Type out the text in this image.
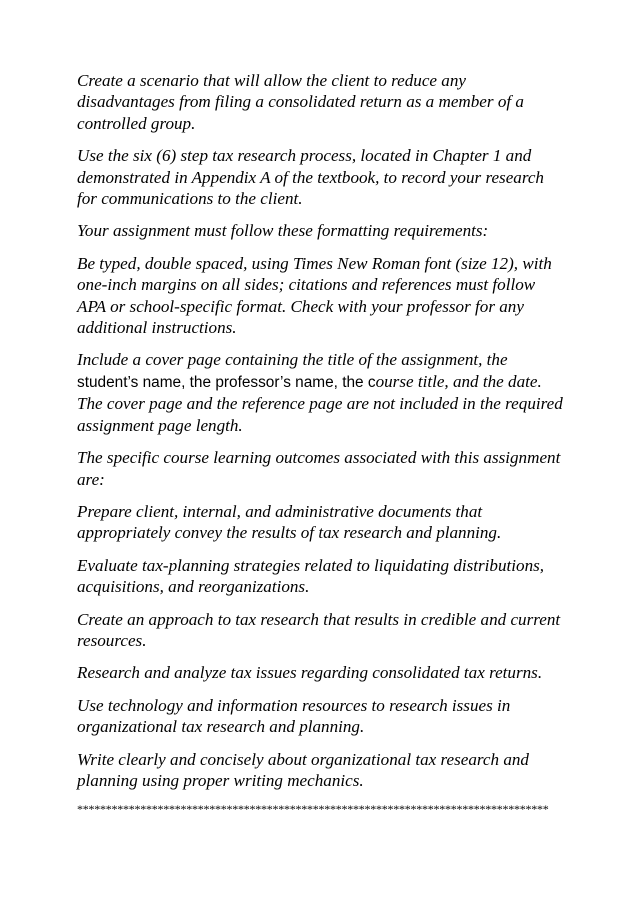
Create a scenario that will allow the client to reduce any disadvantages from filing a consolidated return as a member of a controlled group.

Use the six (6) step tax research process, located in Chapter 1 and demonstrated in Appendix A of the textbook, to record your research for communications to the client.

Your assignment must follow these formatting requirements:

Be typed, double spaced, using Times New Roman font (size 12), with one-inch margins on all sides; citations and references must follow APA or school-specific format. Check with your professor for any additional instructions.

Include a cover page containing the title of the assignment, the student’s name, the professor’s name, the course title, and the date. The cover page and the reference page are not included in the required assignment page length.

The specific course learning outcomes associated with this assignment are:

Prepare client, internal, and administrative documents that appropriately convey the results of tax research and planning.

Evaluate tax-planning strategies related to liquidating distributions, acquisitions, and reorganizations.

Create an approach to tax research that results in credible and current resources.

Research and analyze tax issues regarding consolidated tax returns.

Use technology and information resources to research issues in organizational tax research and planning.

Write clearly and concisely about organizational tax research and planning using proper writing mechanics.

**********************************************************************************
